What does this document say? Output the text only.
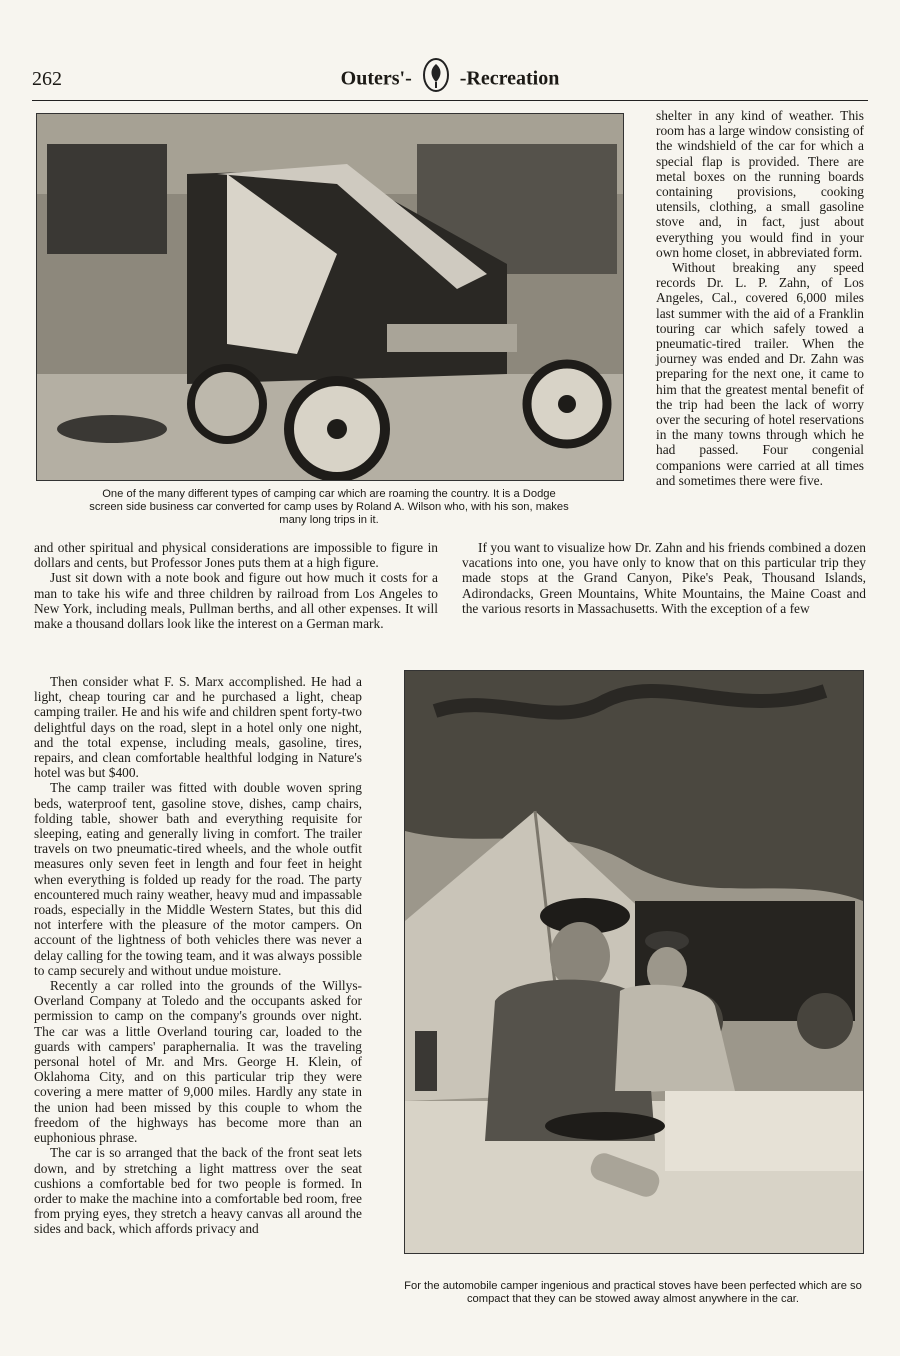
262	Outers'- -Recreation
One of the many different types of camping car which are roaming the country. It is a Dodge screen side business car converted for camp uses by Roland A. Wilson who, with his son, makes many long trips in it.

shelter in any kind of weather. This room has a large window consisting of the windshield of the car for which a special flap is provided. There are metal boxes on the running boards containing provisions, cooking utensils, clothing, a small gasoline stove and, in fact, just about everything you would find in your own home closet, in abbreviated form.

Without breaking any speed records Dr. L. P. Zahn, of Los Angeles, Cal., covered 6,000 miles last summer with the aid of a Franklin touring car which safely towed a pneumatic-tired trailer. When the journey was ended and Dr. Zahn was preparing for the next one, it came to him that the greatest mental benefit of the trip had been the lack of worry over the securing of hotel reservations in the many towns through which he had passed. Four congenial companions were carried at all times and sometimes there were five.

and other spiritual and physical considerations are impossible to figure in dollars and cents, but Professor Jones puts them at a high figure.

Just sit down with a note book and figure out how much it costs for a man to take his wife and three children by railroad from Los Angeles to New York, including meals, Pullman berths, and all other expenses. It will make a thousand dollars look like the interest on a German mark.

If you want to visualize how Dr. Zahn and his friends combined a dozen vacations into one, you have only to know that on this particular trip they made stops at the Grand Canyon, Pike's Peak, Thousand Islands, Adirondacks, Green Mountains, White Mountains, the Maine Coast and the various resorts in Massachusetts. With the exception of a few

Then consider what F. S. Marx accomplished. He had a light, cheap touring car and he purchased a light, cheap camping trailer. He and his wife and children spent forty-two delightful days on the road, slept in a hotel only one night, and the total expense, including meals, gasoline, tires, repairs, and clean comfortable healthful lodging in Nature's hotel was but $400.

The camp trailer was fitted with double woven spring beds, waterproof tent, gasoline stove, dishes, camp chairs, folding table, shower bath and everything requisite for sleeping, eating and generally living in comfort. The trailer travels on two pneumatic-tired wheels, and the whole outfit measures only seven feet in length and four feet in height when everything is folded up ready for the road. The party encountered much rainy weather, heavy mud and impassable roads, especially in the Middle Western States, but this did not interfere with the pleasure of the motor campers. On account of the lightness of both vehicles there was never a delay calling for the towing team, and it was always possible to camp securely and without undue moisture.

Recently a car rolled into the grounds of the Willys-Overland Company at Toledo and the occupants asked for permission to camp on the company's grounds over night. The car was a little Overland touring car, loaded to the guards with campers' paraphernalia. It was the traveling personal hotel of Mr. and Mrs. George H. Klein, of Oklahoma City, and on this particular trip they were covering a mere matter of 9,000 miles. Hardly any state in the union had been missed by this couple to whom the freedom of the highways has become more than an euphonious phrase.

The car is so arranged that the back of the front seat lets down, and by stretching a light mattress over the seat cushions a comfortable bed for two people is formed. In order to make the machine into a comfortable bed room, free from prying eyes, they stretch a heavy canvas all around the sides and back, which affords privacy and

For the automobile camper ingenious and practical stoves have been perfected which are so compact that they can be stowed away almost anywhere in the car.
